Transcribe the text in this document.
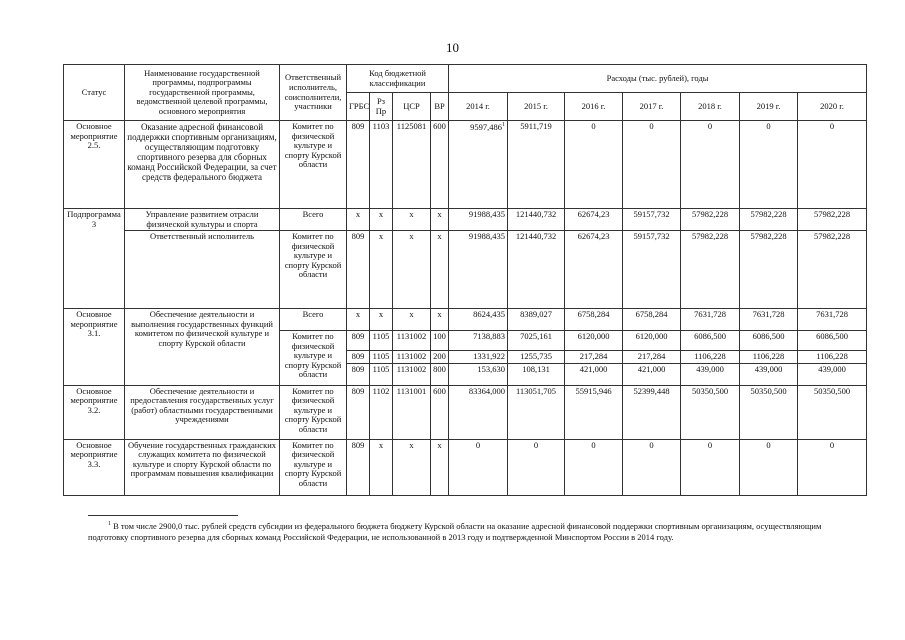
10
Статус	Наименование государственной программы, подпрограммы государственной программы, ведомственной целевой программы, основного мероприятия	Ответственный исполнитель, соисполнители, участники	Код бюджетной классификации				Расходы (тыс. рублей), годы						
			ГРБС	Рз Пр	ЦСР	ВР	2014 г.	2015 г.	2016 г.	2017 г.	2018 г.	2019 г.	2020 г.
Основное мероприятие 2.5.	Оказание адресной финансовой поддержки спортивным организациям, осуществляющим подготовку спортивного резерва для сборных команд Российской Федерации, за счет средств федерального бюджета	Комитет по физической культуре и спорту Курской области	809	1103	1125081	600	9597,486$^1$	5911,719	0	0	0	0	0
Подпрограмма 3	Управление развитием отрасли физической культуры и спорта	Всего	x	x	x	x	91988,435	121440,732	62674,23	59157,732	57982,228	57982,228	57982,228
	Ответственный исполнитель	Комитет по физической культуре и спорту Курской области	809	x	x	x	91988,435	121440,732	62674,23	59157,732	57982,228	57982,228	57982,228
Основное мероприятие 3.1.	Обеспечение деятельности и выполнения государственных функций комитетом по физической культуре и спорту Курской области	Всего	x	x	x	x	8624,435	8389,027	6758,284	6758,284	7631,728	7631,728	7631,728
		Комитет по физической культуре и спорту Курской области	809	1105	1131002	100	7138,883	7025,161	6120,000	6120,000	6086,500	6086,500	6086,500
			809	1105	1131002	200	1331,922	1255,735	217,284	217,284	1106,228	1106,228	1106,228
			809	1105	1131002	800	153,630	108,131	421,000	421,000	439,000	439,000	439,000
Основное мероприятие 3.2.	Обеспечение деятельности и предоставления государственных услуг (работ) областными государственными учреждениями	Комитет по физической культуре и спорту Курской области	809	1102	1131001	600	83364,000	113051,705	55915,946	52399,448	50350,500	50350,500	50350,500
Основное мероприятие 3.3.	Обучение государственных гражданских служащих комитета по физической культуре и спорту Курской области по программам повышения квалификации	Комитет по физической культуре и спорту Курской области	809	x	x	x	0	0	0	0	0	0	0
$^1$ В том числе 2900,0 тыс. рублей средств субсидии из федерального бюджета бюджету Курской области на оказание адресной финансовой поддержки спортивным организациям, осуществляющим подготовку спортивного резерва для сборных команд Российской Федерации, не использованной в 2013 году и подтвержденной Минспортом России в 2014 году.
